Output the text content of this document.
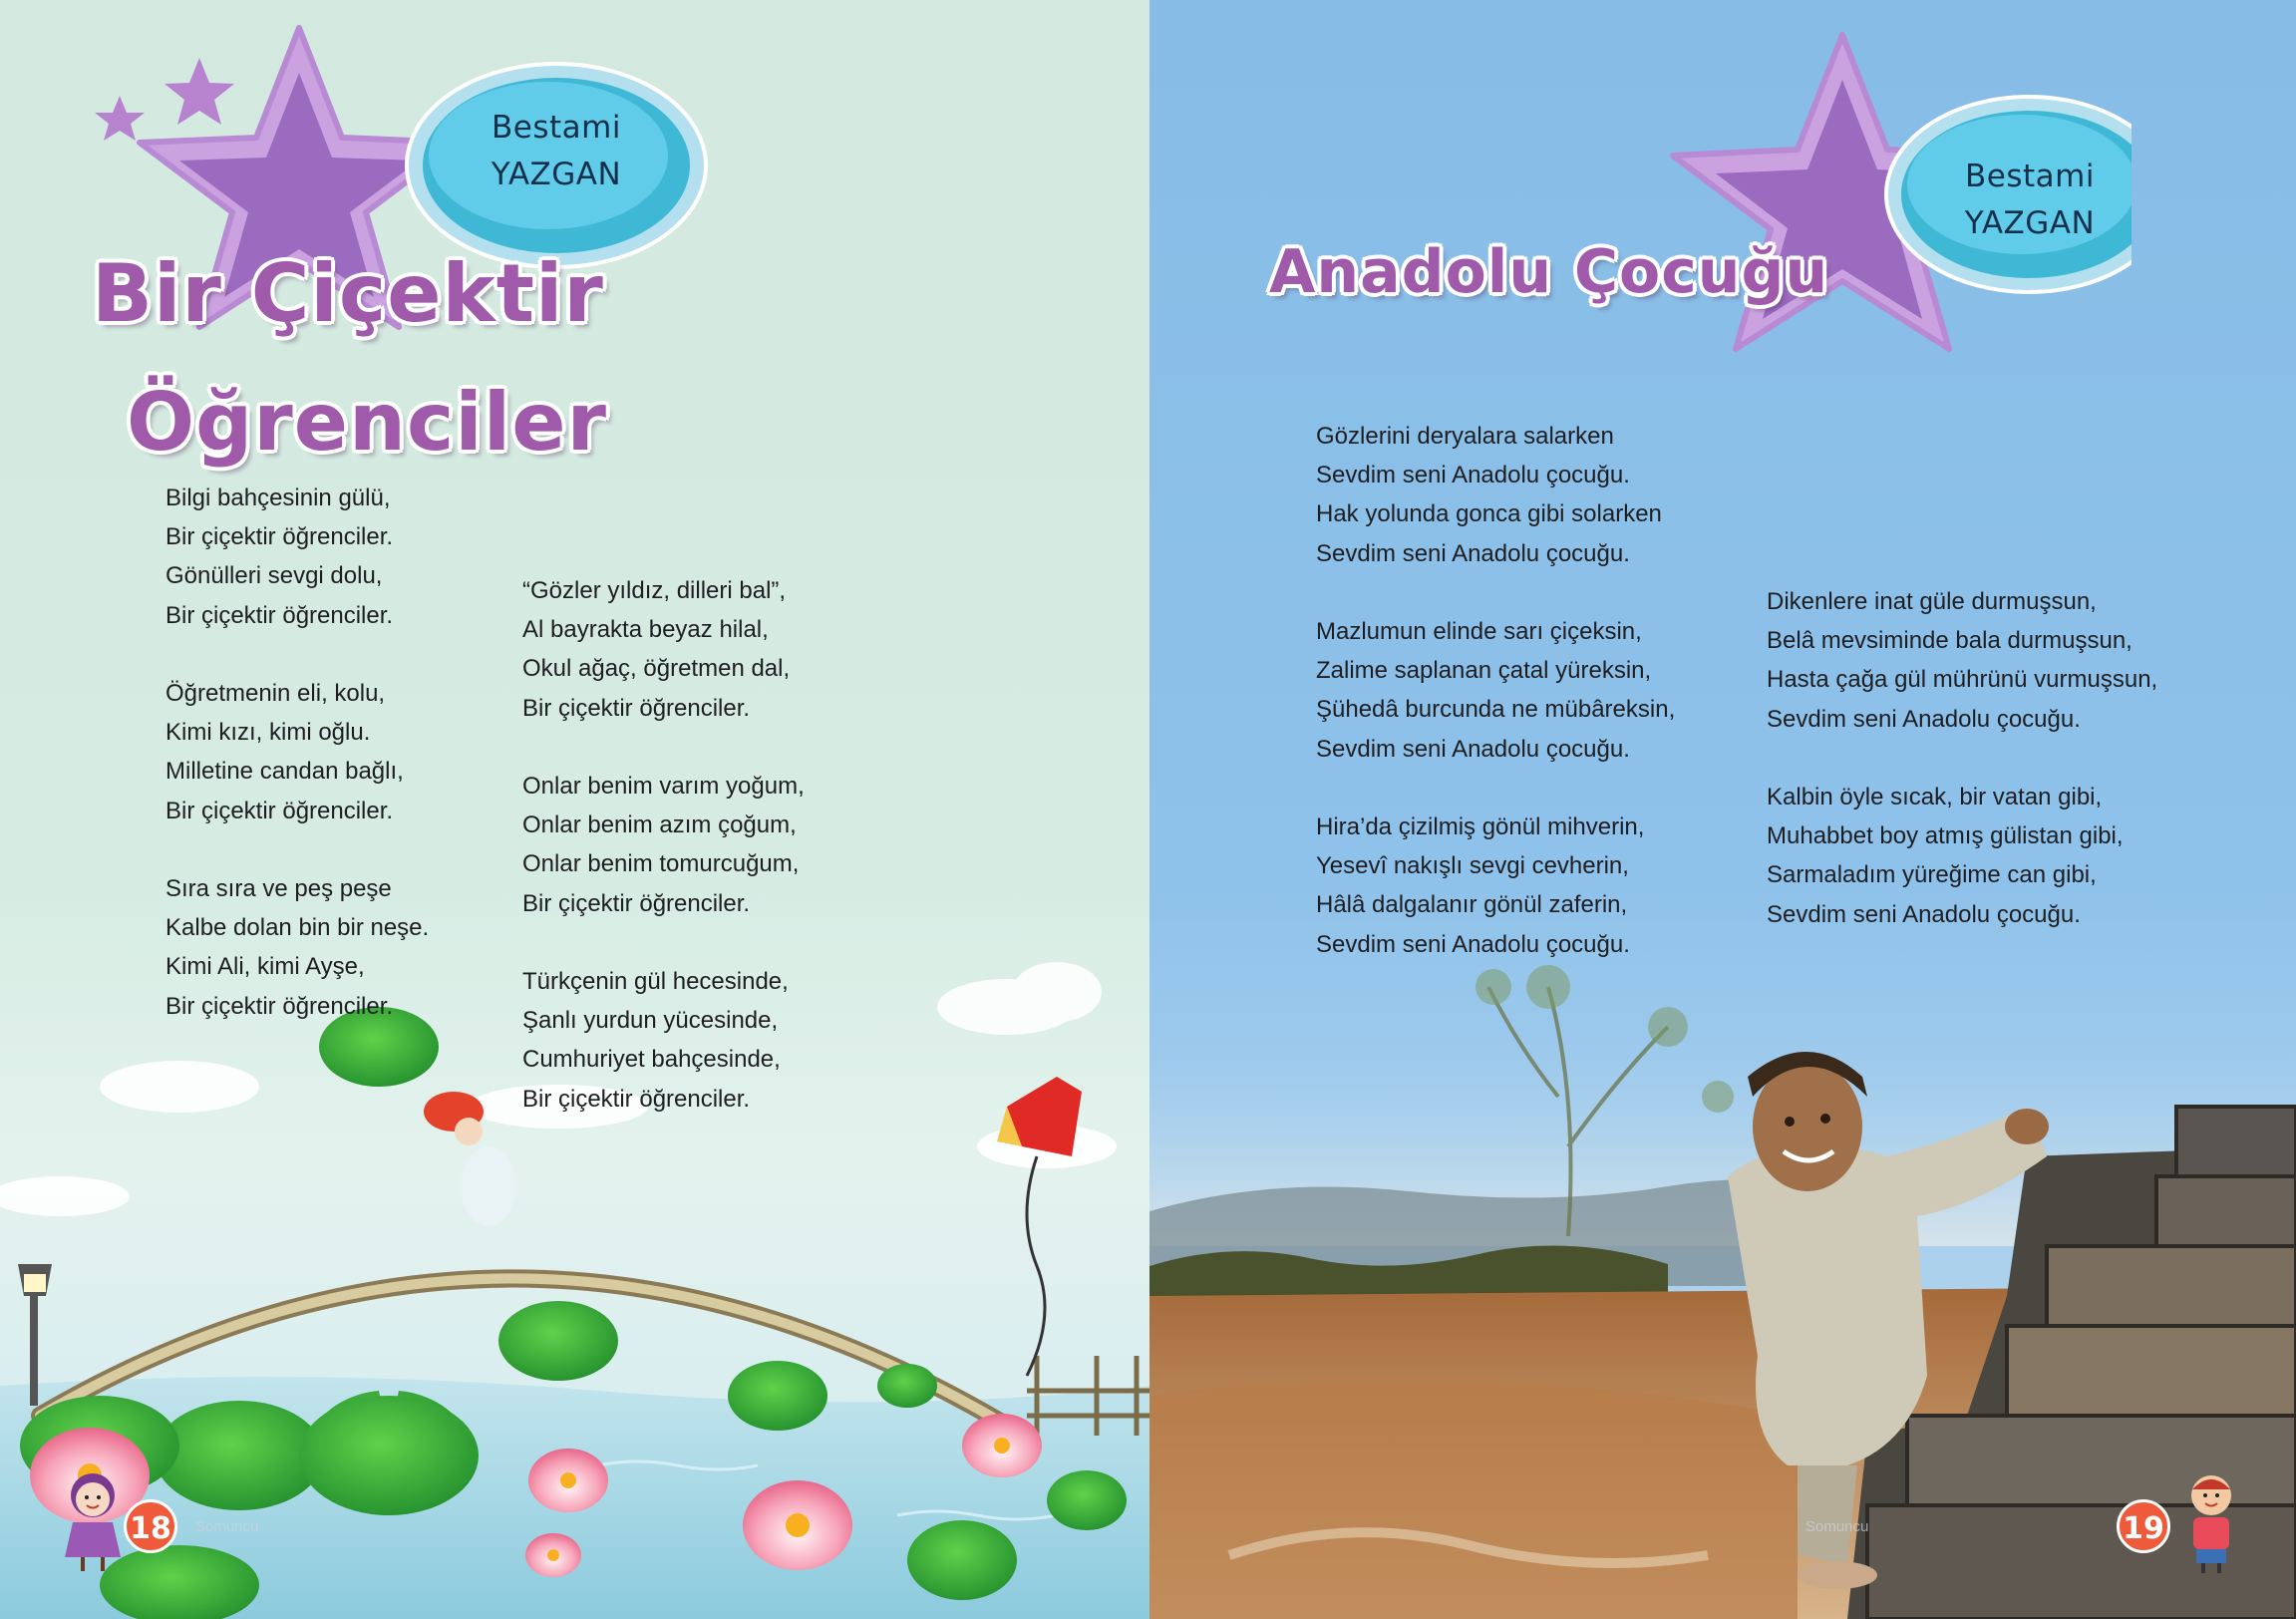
Bestami
YAZGAN
Bir Çiçektir
Öğrenciler
Bilgi bahçesinin gülü,
Bir çiçektir öğrenciler.
Gönülleri sevgi dolu,
Bir çiçektir öğrenciler.
Öğretmenin eli, kolu,
Kimi kızı, kimi oğlu.
Milletine candan bağlı,
Bir çiçektir öğrenciler.
Sıra sıra ve peş peşe
Kalbe dolan bin bir neşe.
Kimi Ali, kimi Ayşe,
Bir çiçektir öğrenciler.
“Gözler yıldız, dilleri bal”,
Al bayrakta beyaz hilal,
Okul ağaç, öğretmen dal,
Bir çiçektir öğrenciler.
Onlar benim varım yoğum,
Onlar benim azım çoğum,
Onlar benim tomurcuğum,
Bir çiçektir öğrenciler.
Türkçenin gül hecesinde,
Şanlı yurdun yücesinde,
Cumhuriyet bahçesinde,
Bir çiçektir öğrenciler.
18	Somuncu
Bestami
YAZGAN
Anadolu Çocuğu
Gözlerini deryalara salarken
Sevdim seni Anadolu çocuğu.
Hak yolunda gonca gibi solarken
Sevdim seni Anadolu çocuğu.
Mazlumun elinde sarı çiçeksin,
Zalime saplanan çatal yüreksin,
Şühedâ burcunda ne mübâreksin,
Sevdim seni Anadolu çocuğu.
Hira’da çizilmiş gönül mihverin,
Yesevî nakışlı sevgi cevherin,
Hâlâ dalgalanır gönül zaferin,
Sevdim seni Anadolu çocuğu.
Dikenlere inat güle durmuşsun,
Belâ mevsiminde bala durmuşsun,
Hasta çağa gül mührünü vurmuşsun,
Sevdim seni Anadolu çocuğu.
Kalbin öyle sıcak, bir vatan gibi,
Muhabbet boy atmış gülistan gibi,
Sarmaladım yüreğime can gibi,
Sevdim seni Anadolu çocuğu.
Somuncu	19
